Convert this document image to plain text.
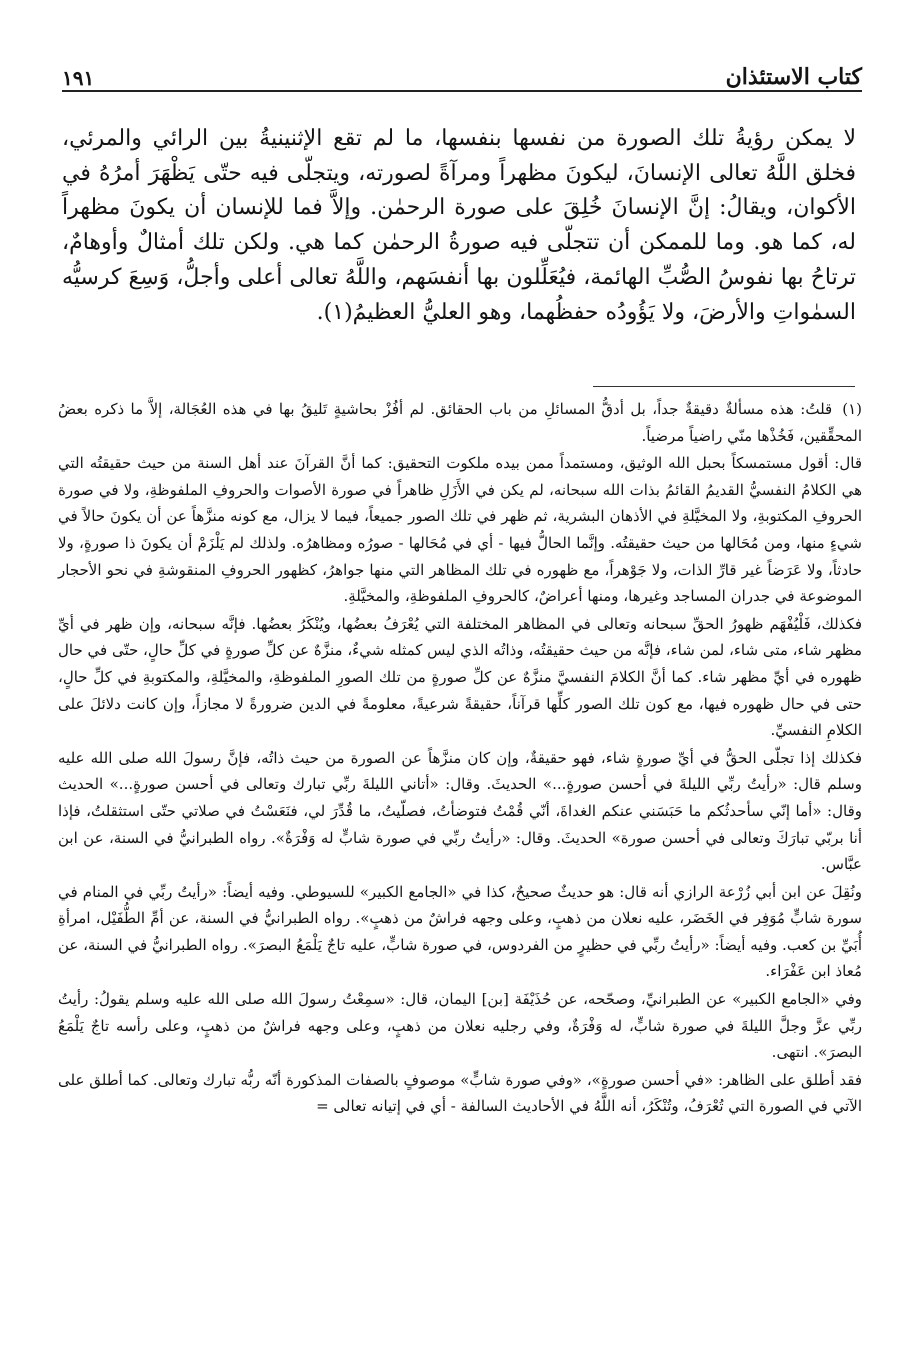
كتاب الاستئذان
١٩١

لا يمكن رؤيةُ تلك الصورة من نفسها بنفسها، ما لم تقع الإثنينيةُ بين الرائي والمرئي، فخلق اللَّهُ تعالى الإنسانَ، ليكونَ مظهراً ومرآةً لصورته، ويتجلّى فيه حتّى يَظْهَرَ أمرُهُ في الأكوان، ويقالُ: إنَّ الإنسانَ خُلِقَ على صورة الرحمٰن. وإلاَّ فما للإنسان أن يكونَ مظهراً له، كما هو. وما للممكن أن تتجلّى فيه صورةُ الرحمٰن كما هي. ولكن تلك أمثالٌ وأوهامٌ، ترتاحُ بها نفوسُ الصُّبِّ الهائمة، فيُعَلِّلون بها أنفسَهم، واللَّهُ تعالى أعلى وأجلُّ، وَسِعَ كرسيُّه السمٰواتِ والأرضَ، ولا يَؤُودُه حفظُهما، وهو العليُّ العظيمُ(١).

(١)قلتُ: هذه مسألةٌ دقيقةٌ جداً، بل أدقُّ المسائلِ من باب الحقائق. لم أفُزْ بحاشيةٍ تَليقُ بها في هذه العُجَالة، إلاَّ ما ذكره بعضُ المحقِّقين، فَخُذْها منّي راضياً مرضياً.

قال: أقول مستمسكاً بحبل الله الوثيق، ومستمداً ممن بيده ملكوت التحقيق: كما أنَّ القرآنَ عند أهل السنة من حيث حقيقتُه التي هي الكلامُ النفسيُّ القديمُ القائمُ بذات الله سبحانه، لم يكن في الأَزَلِ ظاهراً في صورة الأصوات والحروفِ الملفوظةِ، ولا في صورة الحروفِ المكتوبةِ، ولا المخيَّلةِ في الأذهان البشرية، ثم ظهر في تلك الصور جميعاً، فيما لا يزال، مع كونه منزَّهاً عن أن يكونَ حالاً في شيءٍ منها، ومن مُحَالها من حيث حقيقتُه. وإنَّما الحالُّ فيها - أي في مُحَالها - صورُه ومظاهرُه. ولذلك لم يَلْزَمْ أن يكونَ ذا صورةٍ، ولا حادثاً، ولا عَرَضاً غير قارِّ الذات، ولا جَوْهراً، مع ظهوره في تلك المظاهر التي منها جواهرُ، كظهور الحروفِ المنقوشةِ في نحو الأحجار الموضوعة في جدران المساجد وغيرها، ومنها أعراضٌ، كالحروفِ الملفوظةِ، والمخيَّلةِ.

فكذلك، فَلْيُفْهَم ظهورُ الحقِّ سبحانه وتعالى في المظاهر المختلفة التي يُعْرَفُ بعضُها، ويُنْكَرُ بعضُها. فإنَّه سبحانه، وإن ظهر في أيِّ مظهر شاء، متى شاء، لمن شاء، فإنَّه من حيث حقيقتُه، وذاتُه الذي ليس كمثله شيءٌ، منزَّهٌ عن كلِّ صورةٍ في كلِّ حالٍ، حتّى في حال ظهوره في أيِّ مظهر شاء. كما أنَّ الكلامَ النفسيَّ منزَّهٌ عن كلِّ صورةٍ من تلك الصورِ الملفوظةِ، والمخيَّلةِ، والمكتوبةِ في كلِّ حالٍ، حتى في حال ظهوره فيها، مع كون تلك الصور كلِّها قرآناً، حقيقةً شرعيةً، معلومةً في الدين ضرورةً لا مجازاً، وإن كانت دلائلَ على الكلامِ النفسيِّ.

فكذلك إذا تجلّى الحقُّ في أيِّ صورةٍ شاء، فهو حقيقةٌ، وإن كان منزَّهاً عن الصورة من حيث ذاتُه، فإنَّ رسولَ الله صلى الله عليه وسلم قال: «رأيتُ ربِّي الليلةَ في أحسن صورةٍ...» الحديثَ. وقال: «أتاني الليلةَ ربِّي تبارك وتعالى في أحسن صورةٍ...» الحديث وقال: «أما إنّي سأحدثُكم ما حَبَسَني عنكم الغداةَ، أنّي قُمْتُ فتوضأتُ، فصلّيتُ، ما قُدِّرَ لي، فنَعَسْتُ في صلاتي حتّى استثقلتُ، فإذا أنا بربّي تبارَكَ وتعالى في أحسن صورة» الحديثَ. وقال: «رأيتُ ربِّي في صورة شابٍّ له وَفْرَةٌ». رواه الطبرانيُّ في السنة، عن ابن عبَّاس.

ونُقِلَ عن ابن أبي زُرْعة الرازي أنه قال: هو حديثٌ صحيحٌ، كذا في «الجامع الكبير» للسيوطي. وفيه أيضاً: «رأيتُ ربِّي في المنام في سورة شابٍّ مُوَفِر في الخَضَر، عليه نعلان من ذهبٍ، وعلى وجهه فراشٌ من ذهبٍ». رواه الطبرانيُّ في السنة، عن أمِّ الطُّفَيْل، امرأةِ أُبَيِّ بن كعب. وفيه أيضاً: «رأيتُ ربِّي في حظيرٍ من الفردوس، في صورة شابٍّ، عليه تاجٌ يَلْمَعُ البصرَ». رواه الطبرانيُّ في السنة، عن مُعاذ ابن عَفْرَاء.

وفي «الجامع الكبير» عن الطبرانيِّ، وصحّحه، عن حُذَيْفَة [بن] اليمان، قال: «سمِعْتُ رسولَ الله صلى الله عليه وسلم يقولُ: رأيتُ ربِّي عزَّ وجلَّ الليلةَ في صورة شابٍّ، له وَفْرَةٌ، وفي رجليه نعلان من ذهبٍ، وعلى وجهه فراشٌ من ذهبٍ، وعلى رأسه تاجٌ يَلْمَعُ البصرَ». انتهى.

فقد أطلق على الظاهر: «في أحسن صورةٍ»، «وفي صورة شابٍّ» موصوفٍ بالصفات المذكورة أنّه ربُّه تبارك وتعالى. كما أطلق على الآتي في الصورة التي تُعْرَفُ، وتُنْكَرُ، أنه اللَّهُ في الأحاديث السالفة - أي في إتيانه تعالى =
